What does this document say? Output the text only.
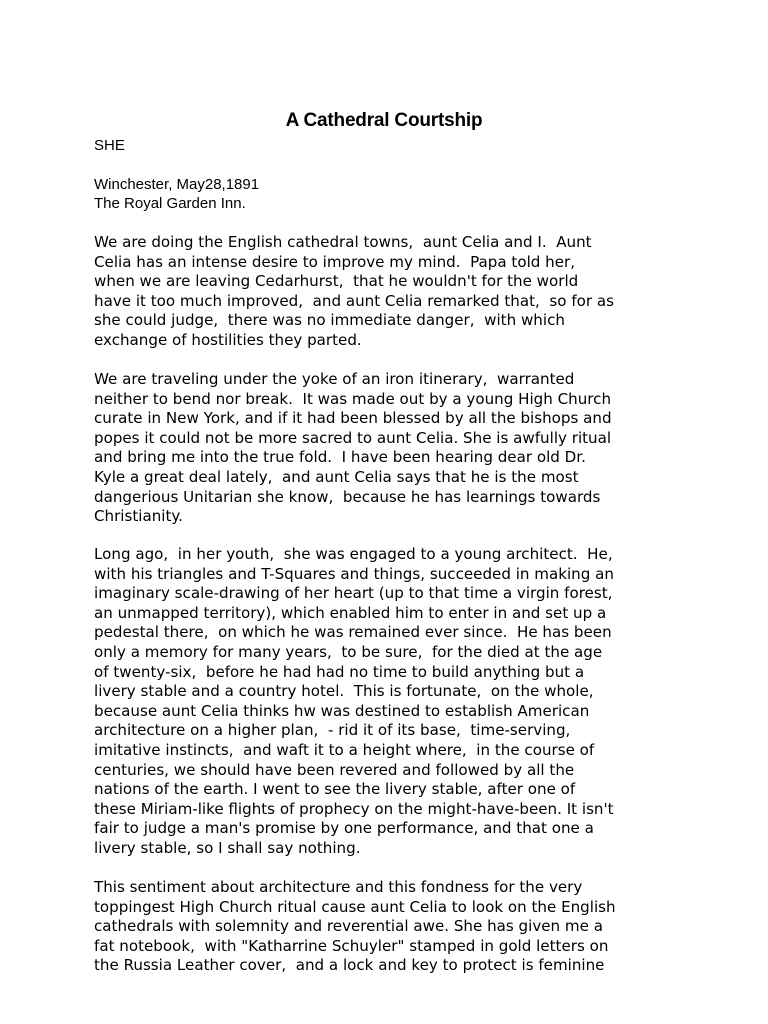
A Cathedral Courtship
SHE
Winchester, May28,1891
The Royal Garden Inn.
We are doing the English cathedral towns,  aunt Celia and I.  Aunt
Celia has an intense desire to improve my mind.  Papa told her,
when we are leaving Cedarhurst,  that he wouldn't for the world
have it too much improved,  and aunt Celia remarked that,  so for as
she could judge,  there was no immediate danger,  with which
exchange of hostilities they parted.
We are traveling under the yoke of an iron itinerary,  warranted
neither to bend nor break.  It was made out by a young High Church
curate in New York, and if it had been blessed by all the bishops and
popes it could not be more sacred to aunt Celia. She is awfully ritual
and bring me into the true fold.  I have been hearing dear old Dr.
Kyle a great deal lately,  and aunt Celia says that he is the most
dangerious Unitarian she know,  because he has learnings towards
Christianity.
Long ago,  in her youth,  she was engaged to a young architect.  He,
with his triangles and T-Squares and things, succeeded in making an
imaginary scale-drawing of her heart (up to that time a virgin forest,
an unmapped territory), which enabled him to enter in and set up a
pedestal there,  on which he was remained ever since.  He has been
only a memory for many years,  to be sure,  for the died at the age
of twenty-six,  before he had had no time to build anything but a
livery stable and a country hotel.  This is fortunate,  on the whole,
because aunt Celia thinks hw was destined to establish American
architecture on a higher plan,  - rid it of its base,  time-serving,
imitative instincts,  and waft it to a height where,  in the course of
centuries, we should have been revered and followed by all the
nations of the earth. I went to see the livery stable, after one of
these Miriam-like flights of prophecy on the might-have-been. It isn't
fair to judge a man's promise by one performance, and that one a
livery stable, so I shall say nothing.
This sentiment about architecture and this fondness for the very
toppingest High Church ritual cause aunt Celia to look on the English
cathedrals with solemnity and reverential awe. She has given me a
fat notebook,  with "Katharrine Schuyler" stamped in gold letters on
the Russia Leather cover,  and a lock and key to protect is feminine
